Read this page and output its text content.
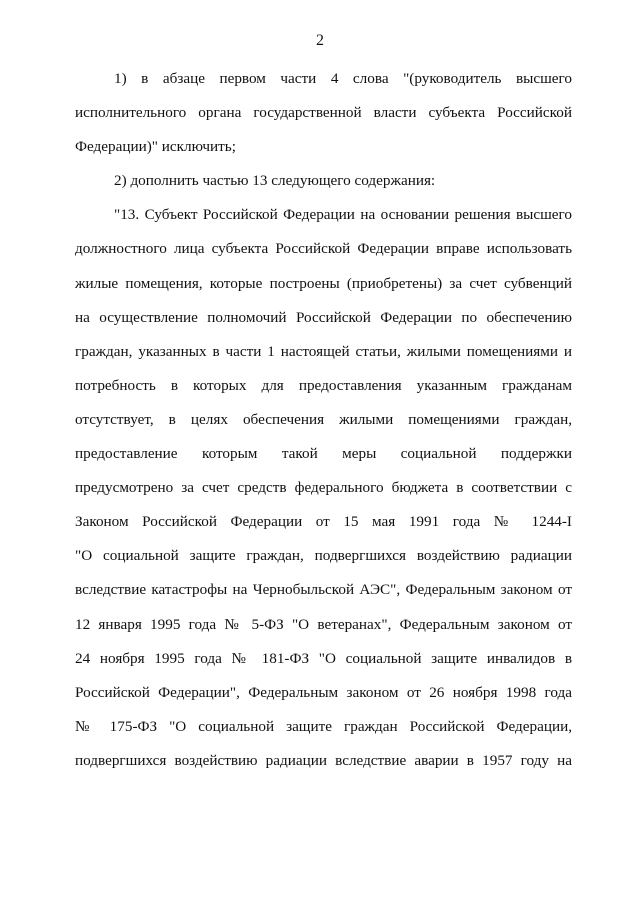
2
1) в абзаце первом части 4 слова "(руководитель высшего
исполнительного органа государственной власти субъекта Российской
Федерации)" исключить;
2) дополнить частью 13 следующего содержания:
"13. Субъект Российской Федерации на основании решения высшего
должностного лица субъекта Российской Федерации вправе использовать
жилые помещения, которые построены (приобретены) за счет субвенций
на осуществление полномочий Российской Федерации по обеспечению
граждан, указанных в части 1 настоящей статьи, жилыми помещениями и
потребность в которых для предоставления указанным гражданам
отсутствует, в целях обеспечения жилыми помещениями граждан,
предоставление которым такой меры социальной поддержки
предусмотрено за счет средств федерального бюджета в соответствии с
Законом Российской Федерации от 15 мая 1991 года № 1244-I
"О социальной защите граждан, подвергшихся воздействию радиации
вследствие катастрофы на Чернобыльской АЭС", Федеральным законом от
12 января 1995 года № 5-ФЗ "О ветеранах", Федеральным законом от
24 ноября 1995 года № 181-ФЗ "О социальной защите инвалидов в
Российской Федерации", Федеральным законом от 26 ноября 1998 года
№ 175-ФЗ "О социальной защите граждан Российской Федерации,
подвергшихся воздействию радиации вследствие аварии в 1957 году на
